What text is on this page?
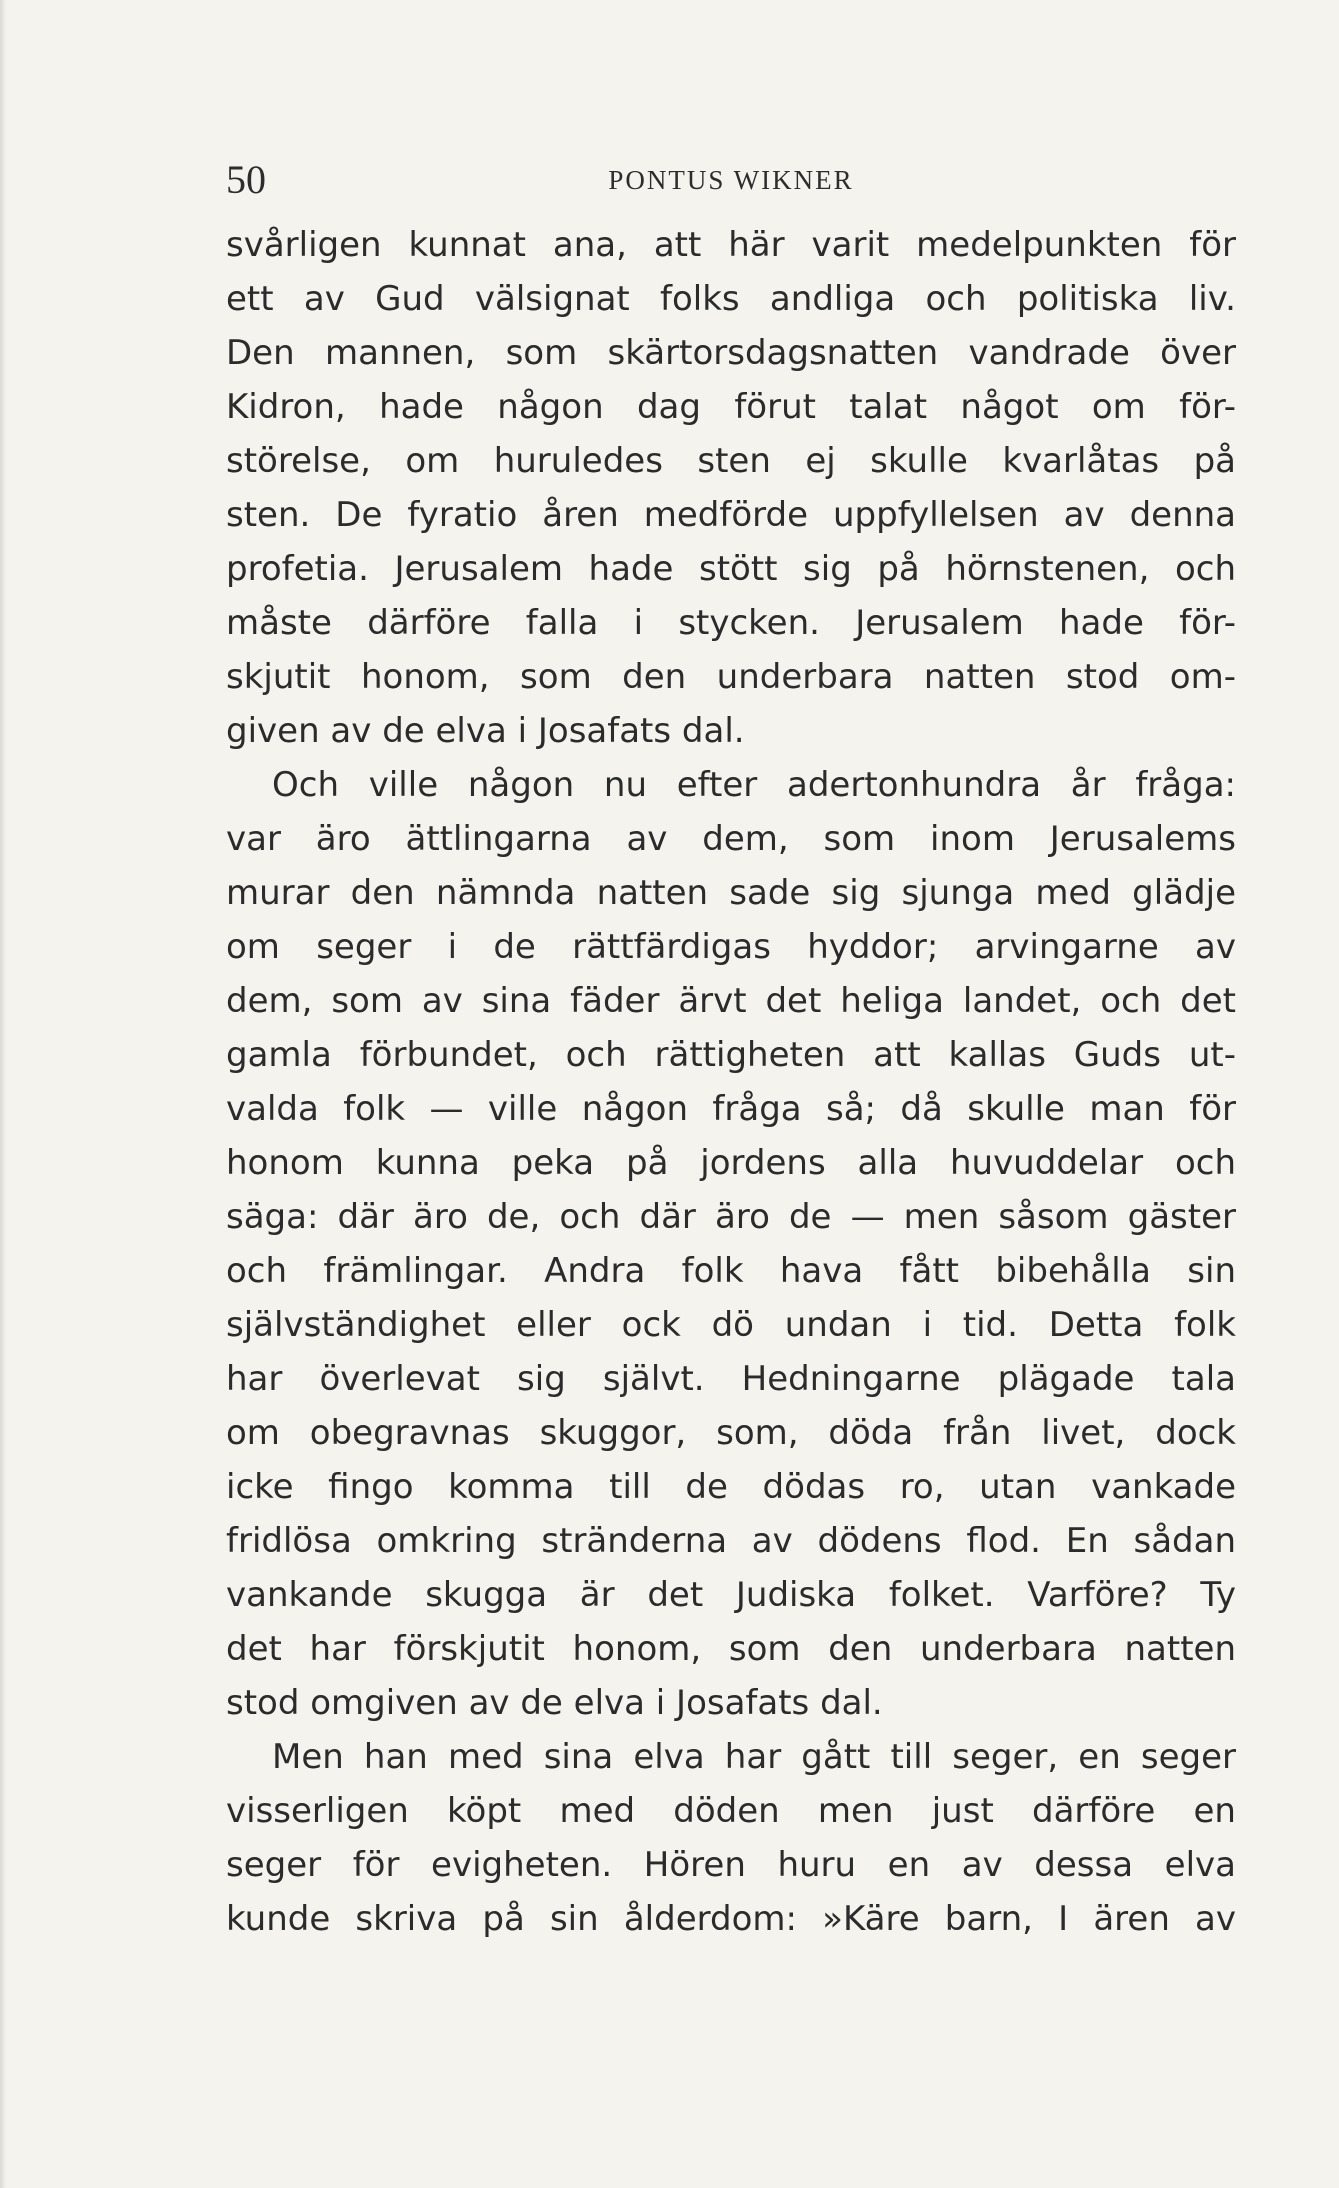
50	PONTUS WIKNER
svårligen kunnat ana, att här varit medelpunkten för
ett av Gud välsignat folks andliga och politiska liv.
Den mannen, som skärtorsdagsnatten vandrade över
Kidron, hade någon dag förut talat något om för-
störelse, om huruledes sten ej skulle kvarlåtas på
sten. De fyratio åren medförde uppfyllelsen av denna
profetia. Jerusalem hade stött sig på hörnstenen, och
måste därföre falla i stycken. Jerusalem hade för-
skjutit honom, som den underbara natten stod om-
given av de elva i Josafats dal.
Och ville någon nu efter adertonhundra år fråga:
var äro ättlingarna av dem, som inom Jerusalems
murar den nämnda natten sade sig sjunga med glädje
om seger i de rättfärdigas hyddor; arvingarne av
dem, som av sina fäder ärvt det heliga landet, och det
gamla förbundet, och rättigheten att kallas Guds ut-
valda folk — ville någon fråga så; då skulle man för
honom kunna peka på jordens alla huvuddelar och
säga: där äro de, och där äro de — men såsom gäster
och främlingar. Andra folk hava fått bibehålla sin
självständighet eller ock dö undan i tid. Detta folk
har överlevat sig självt. Hedningarne plägade tala
om obegravnas skuggor, som, döda från livet, dock
icke fingo komma till de dödas ro, utan vankade
fridlösa omkring stränderna av dödens flod. En sådan
vankande skugga är det Judiska folket. Varföre? Ty
det har förskjutit honom, som den underbara natten
stod omgiven av de elva i Josafats dal.
Men han med sina elva har gått till seger, en seger
visserligen köpt med döden men just därföre en
seger för evigheten. Hören huru en av dessa elva
kunde skriva på sin ålderdom: »Käre barn, I ären av
